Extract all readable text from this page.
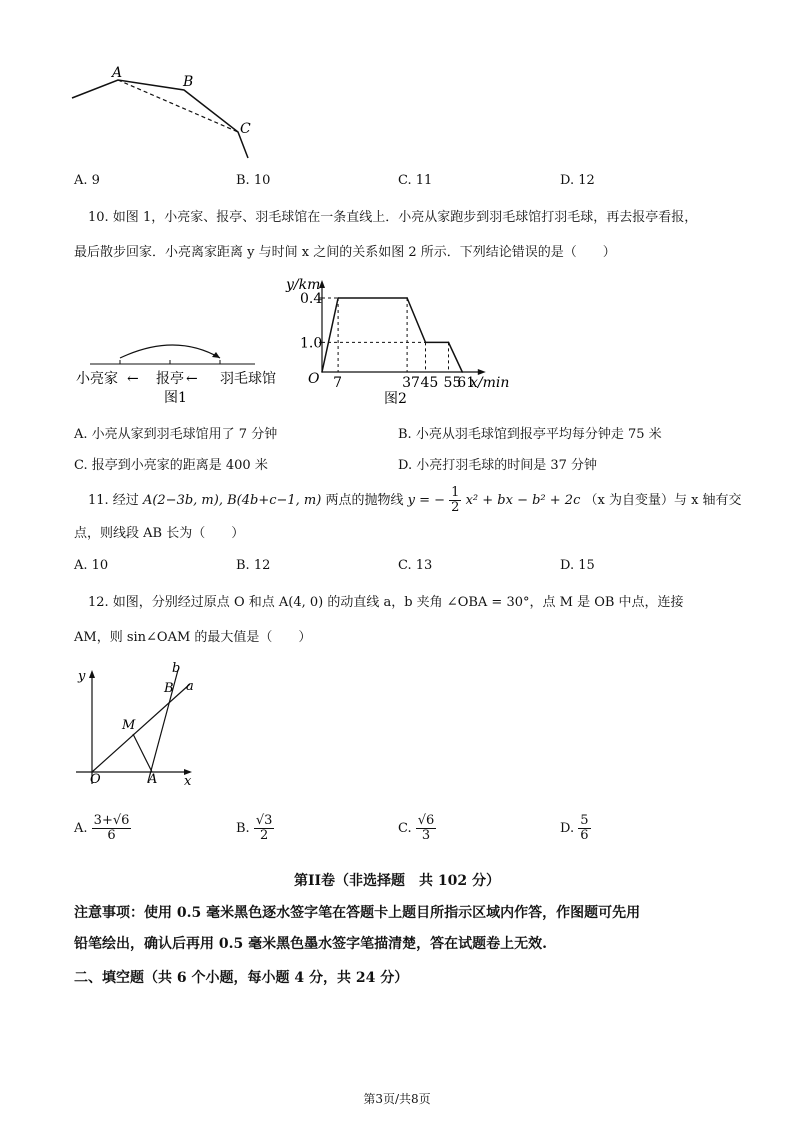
A
B
C
A. 9	B. 10	C. 11	D. 12
10. 如图 1，小亮家、报亭、羽毛球馆在一条直线上．小亮从家跑步到羽毛球馆打羽毛球，再去报亭看报，
最后散步回家．小亮离家距离 y 与时间 x 之间的关系如图 2 所示．下列结论错误的是（　　）
小亮家 ← 报亭 ← 羽毛球馆
图1
1.0
0.4
7	37 45 55
61
y/km
x/min
O
图2
A. 小亮从家到羽毛球馆用了 7 分钟	B. 小亮从羽毛球馆到报亭平均每分钟走 75 米
C. 报亭到小亮家的距离是 400 米	D. 小亮打羽毛球的时间是 37 分钟
11. 经过 A(2−3b, m), B(4b+c−1, m) 两点的抛物线 y = − $\frac{1}{2} x^2$ + bx − b² + 2c （x 为自变量）与 x 轴有交
点，则线段 AB 长为（　　）
A. 10	B. 12	C. 13	D. 15
12. 如图，分别经过原点 O 和点 A(4, 0) 的动直线 a，b 夹角 ∠OBA = 30°，点 M 是 OB 中点，连接
AM，则 sin∠OAM 的最大值是（　　）
y
x
O	A
B
M
a
b
A. $\frac{3+√6}{6}$	B. $\frac{√3}{2}$	C. $\frac{√6}{3}$	D. $\frac{5}{6}$
第II卷（非选择题　共 102 分）
注意事项：使用 0.5 毫米黑色逐水签字笔在答题卡上题目所指示区域内作答，作图题可先用
铅笔绘出，确认后再用 0.5 毫米黑色墨水签字笔描清楚，答在试题卷上无效.
二、填空题（共 6 个小题，每小题 4 分，共 24 分）
第3页/共8页
